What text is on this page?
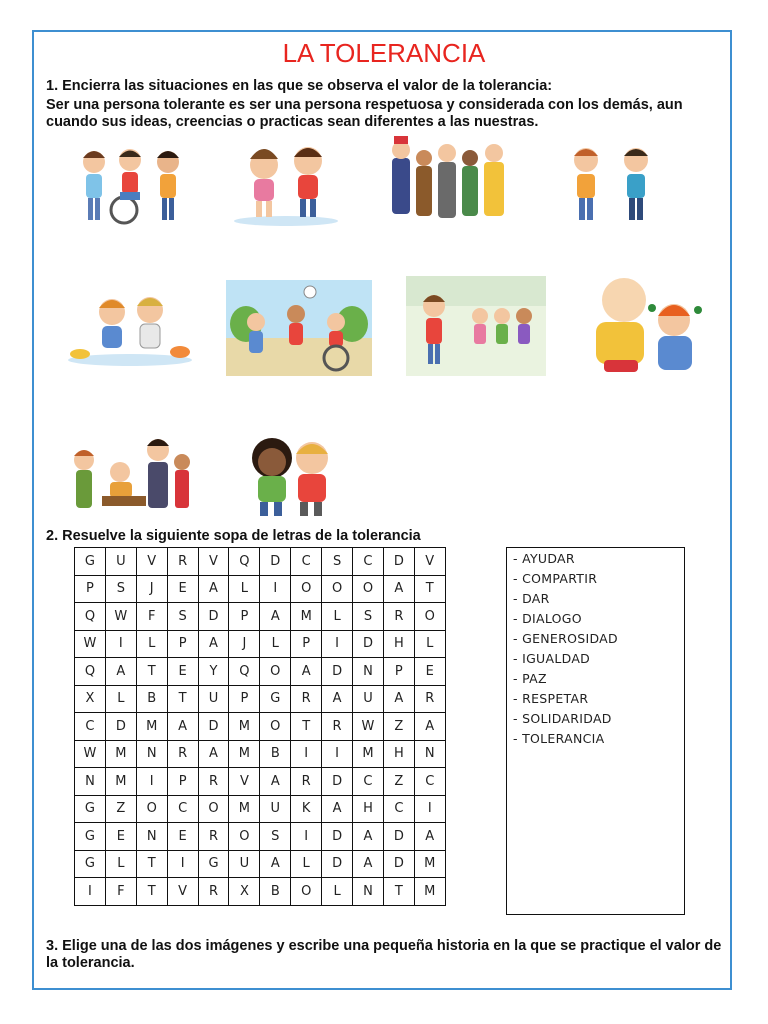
LA TOLERANCIA
1. Encierra las situaciones en las que se observa el valor de la tolerancia:
Ser una persona tolerante es ser una persona respetuosa y considerada con los demás, aun cuando sus ideas, creencias o practicas sean diferentes a las nuestras.
2. Resuelve la siguiente sopa de letras de la tolerancia
G	U	V	R	V	Q	D	C	S	C	D	V
P	S	J	E	A	L	I	O	O	O	A	T
Q	W	F	S	D	P	A	M	L	S	R	O
W	I	L	P	A	J	L	P	I	D	H	L
Q	A	T	E	Y	Q	O	A	D	N	P	E
X	L	B	T	U	P	G	R	A	U	A	R
C	D	M	A	D	M	O	T	R	W	Z	A
W	M	N	R	A	M	B	I	I	M	H	N
N	M	I	P	R	V	A	R	D	C	Z	C
G	Z	O	C	O	M	U	K	A	H	C	I
G	E	N	E	R	O	S	I	D	A	D	A
G	L	T	I	G	U	A	L	D	A	D	M
I	F	T	V	R	X	B	O	L	N	T	M
- AYUDAR
- COMPARTIR
- DAR
- DIALOGO
- GENEROSIDAD
- IGUALDAD
- PAZ
- RESPETAR
- SOLIDARIDAD
- TOLERANCIA
3. Elige una de las dos imágenes y escribe una pequeña historia en la que se practique el valor de la tolerancia.
